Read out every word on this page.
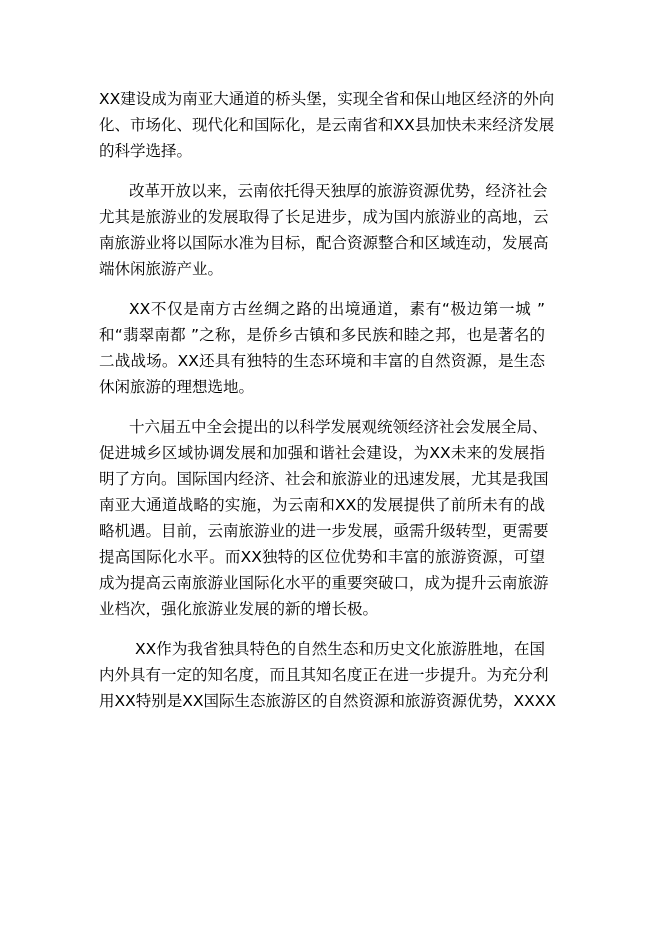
XX建设成为南亚大通道的桥头堡，实现全省和保山地区经济的外向
化、市场化、现代化和国际化，是云南省和XX县加快未来经济发展
的科学选择。
改革开放以来，云南依托得天独厚的旅游资源优势，经济社会
尤其是旅游业的发展取得了长足进步，成为国内旅游业的高地，云
南旅游业将以国际水准为目标，配合资源整合和区域连动，发展高
端休闲旅游产业。
XX不仅是南方古丝绸之路的出境通道，素有“极边第一城 ”
和“翡翠南都 ”之称，是侨乡古镇和多民族和睦之邦，也是著名的
二战战场。XX还具有独特的生态环境和丰富的自然资源，是生态
休闲旅游的理想选地。
十六届五中全会提出的以科学发展观统领经济社会发展全局、
促进城乡区域协调发展和加强和谐社会建设，为XX未来的发展指
明了方向。国际国内经济、社会和旅游业的迅速发展，尤其是我国
南亚大通道战略的实施，为云南和XX的发展提供了前所未有的战
略机遇。目前，云南旅游业的进一步发展，亟需升级转型，更需要
提高国际化水平。而XX独特的区位优势和丰富的旅游资源，可望
成为提高云南旅游业国际化水平的重要突破口，成为提升云南旅游
业档次，强化旅游业发展的新的增长极。
XX作为我省独具特色的自然生态和历史文化旅游胜地，在国
内外具有一定的知名度，而且其知名度正在进一步提升。为充分利
用XX特别是XX国际生态旅游区的自然资源和旅游资源优势，XXXX
